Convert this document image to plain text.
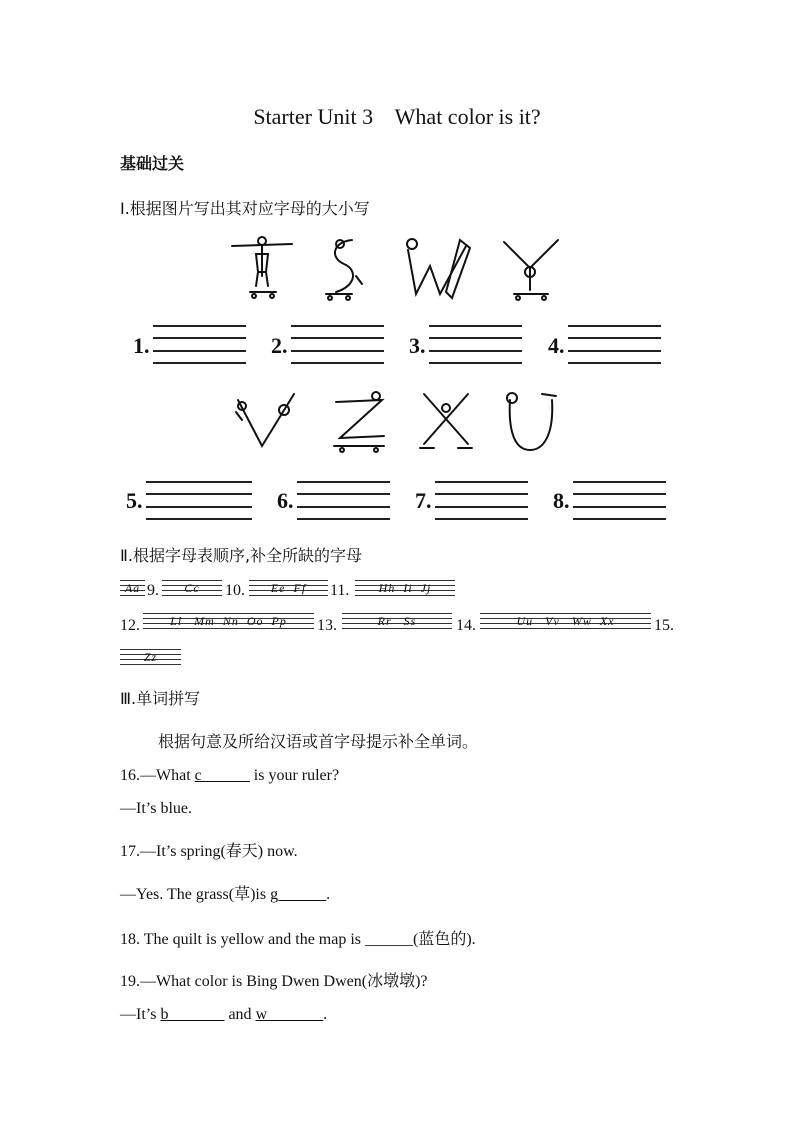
Starter Unit 3    What color is it?
基础过关
Ⅰ.根据图片写出其对应字母的大小写
1.	2.	3.	4.
5.	6.	7.	8.
Ⅱ.根据字母表顺序,补全所缺的字母
Aa 9. Cc 10. Ee  Ff 11. Hh  Ii  Jj
12.	Ll   Mm  Nn  Oo  Pp 13.	Rr   Ss 14.	Uu   Vv   Ww  Xx 15.
Zz
Ⅲ.单词拼写
根据句意及所给汉语或首字母提示补全单词。
16.—What c______ is your ruler?
—It’s blue.
17.—It’s spring(春天) now.
—Yes. The grass(草)is g______.
18. The quilt is yellow and the map is ______(蓝色的).
19.—What color is Bing Dwen Dwen(冰墩墩)?
—It’s b_______ and w_______.
